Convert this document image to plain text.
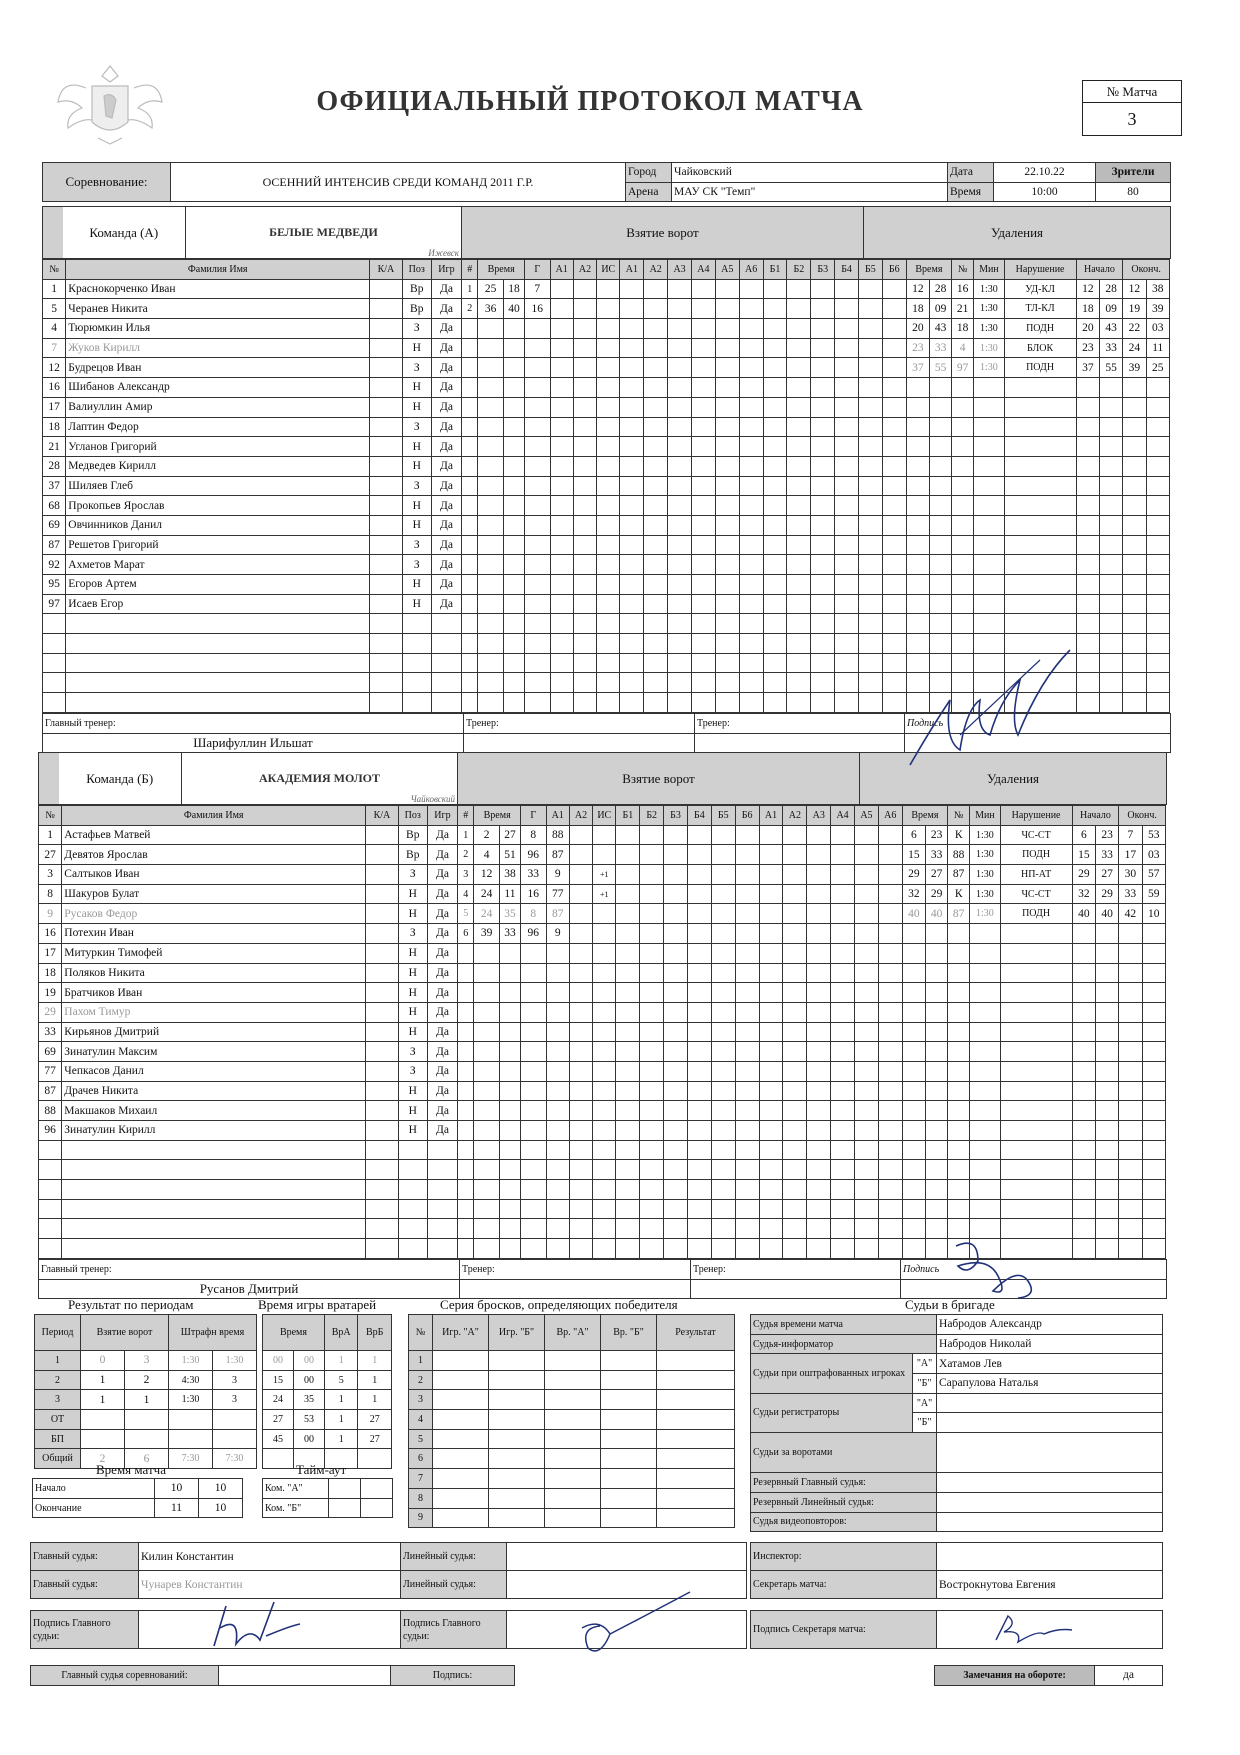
ОФИЦИАЛЬНЫЙ ПРОТОКОЛ МАТЧА	№ Матча
3
Соревнование:	ОСЕННИЙ ИНТЕНСИВ СРЕДИ КОМАНД 2011 Г.Р.	Город	Чайковский	Дата	22.10.22	Зрители
		Арена	МАУ СК "Темп"	Время	10:00	80
	Команда (А)	БЕЛЫЕ МЕДВЕДИ
Ижевск
	Взятие ворот	Удаления
№	Фамилия Имя	К/А	Поз	Игр	#	Время		Г	А1	А2	ИС	А1	А2	А3	А4	А5	А6	Б1	Б2	Б3	Б4	Б5	Б6	Время		№	Мин	Нарушение	Начало		Оконч.	
1	Краснокорченко Иван		Вр	Да	1	25	18	7																12	28	16	1:30	УД-КЛ	12	28	12	38
5	Черанев Никита		Вр	Да	2	36	40	16																18	09	21	1:30	ТЛ-КЛ	18	09	19	39
4	Тюрюмкин Илья		З	Да																				20	43	18	1:30	ПОДН	20	43	22	03
7	Жуков Кирилл		Н	Да																				23	33	4	1:30	БЛОК	23	33	24	11
12	Будрецов Иван		З	Да																				37	55	97	1:30	ПОДН	37	55	39	25
16	Шибанов Александр		Н	Да																												
17	Валиуллин Амир		Н	Да																												
18	Лаптин Федор		З	Да																												
21	Угланов Григорий		Н	Да																												
28	Медведев Кирилл		Н	Да																												
37	Шиляев Глеб		З	Да																												
68	Прокопьев Ярослав		Н	Да																												
69	Овчинников Данил		Н	Да																												
87	Решетов Григорий		З	Да																												
92	Ахметов Марат		З	Да																												
95	Егоров Артем		Н	Да																												
97	Исаев Егор		Н	Да																												

Главный тренер:	Тренер:	Тренер:	Подпись
Шарифуллин Ильшат			
	Команда (Б)	АКАДЕМИЯ МОЛОТ
Чайковский
	Взятие ворот	Удаления
№	Фамилия Имя	К/А	Поз	Игр	#	Время		Г	А1	А2	ИС	Б1	Б2	Б3	Б4	Б5	Б6	А1	А2	А3	А4	А5	А6	Время		№	Мин	Нарушение	Начало		Оконч.	
1	Астафьев Матвей		Вр	Да	1	2	27	8	88															6	23	К	1:30	ЧС-СТ	6	23	7	53
27	Девятов Ярослав		Вр	Да	2	4	51	96	87															15	33	88	1:30	ПОДН	15	33	17	03
3	Салтыков Иван		З	Да	3	12	38	33	9		+1													29	27	87	1:30	НП-АТ	29	27	30	57
8	Шакуров Булат		Н	Да	4	24	11	16	77		+1													32	29	К	1:30	ЧС-СТ	32	29	33	59
9	Русаков Федор		Н	Да	5	24	35	8	87															40	40	87	1:30	ПОДН	40	40	42	10
16	Потехин Иван		З	Да	6	39	33	96	9																							
17	Митуркин Тимофей		Н	Да																												
18	Поляков Никита		Н	Да																												
19	Братчиков Иван		Н	Да																												
29	Пахом Тимур		Н	Да																												
33	Кирьянов Дмитрий		Н	Да																												
69	Зинатулин Максим		З	Да																												
77	Чепкасов Данил		З	Да																												
87	Драчев Никита		Н	Да																												
88	Макшаков Михаил		Н	Да																												
96	Зинатулин Кирилл		Н	Да																												

Главный тренер:	Тренер:	Тренер:	Подпись
Русанов Дмитрий			
Результат по периодам	Время игры вратарей	Серия бросков, определяющих победителя	Судьи в бригаде
Период	Взятие ворот		Штрафн время	
1	0	3	1:30	1:30
2	1	2	4:30	3
3	1	1	1:30	3
ОТ				
БП				
Общий	2	6	7:30	7:30
Время		ВрА	ВрБ
00	00	1	1
15	00	5	1
24	35	1	1
27	53	1	27
45	00	1	27

№	Игр. "А"	Игр. "Б"	Вр. "А"	Вр. "Б"	Результат
1					
2					
3					
4					
5					
6					
7					
8					
9					
Время матча	Тайм-аут
Начало	10	10
Окончание	11	10
Ком. "А"		
Ком. "Б"		
Судья времени матча		Набродов Александр
Судья-информатор		Набродов Николай
Судьи при оштрафованных игроках	"А"	Хатамов Лев
	"Б"	Сарапулова Наталья
Судьи регистраторы	"А"	
	"Б"	
Судьи за воротами		
Резервный Главный судья:		
Резервный Линейный судья:		
Судья видеоповторов:		
Главный судья:	Килин Константин	Линейный судья:	
Главный судья:	Чунарев Константин	Линейный судья:	
Инспектор:	
Секретарь матча:	Вострокнутова Евгения
Подпись Главного судьи:		Подпись Главного судьи:	
Подпись Секретаря матча:	
Главный судья соревнований:		Подпись:	Замечания на обороте:	да
